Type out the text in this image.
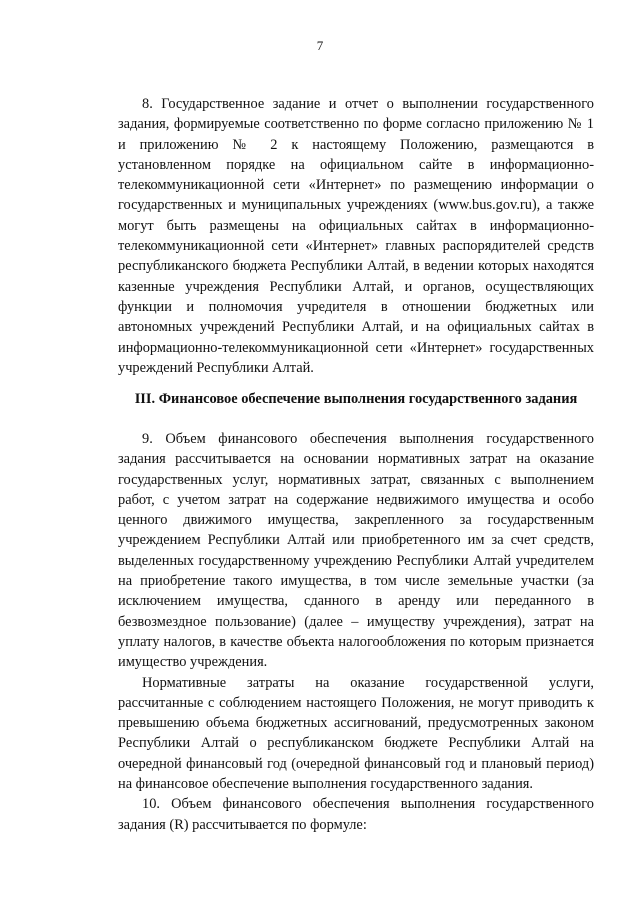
7

8. Государственное задание и отчет о выполнении государственного задания, формируемые соответственно по форме согласно приложению № 1 и приложению № 2 к настоящему Положению, размещаются в установленном порядке на официальном сайте в информационно-телекоммуникационной сети «Интернет» по размещению информации о государственных и муниципальных учреждениях (www.bus.gov.ru), а также могут быть размещены на официальных сайтах в информационно-телекоммуникационной сети «Интернет» главных распорядителей средств республиканского бюджета Республики Алтай, в ведении которых находятся казенные учреждения Республики Алтай, и органов, осуществляющих функции и полномочия учредителя в отношении бюджетных или автономных учреждений Республики Алтай, и на официальных сайтах в информационно-телекоммуникационной сети «Интернет» государственных учреждений Республики Алтай.

III. Финансовое обеспечение выполнения государственного задания

9. Объем финансового обеспечения выполнения государственного задания рассчитывается на основании нормативных затрат на оказание государственных услуг, нормативных затрат, связанных с выполнением работ, с учетом затрат на содержание недвижимого имущества и особо ценного движимого имущества, закрепленного за государственным учреждением Республики Алтай или приобретенного им за счет средств, выделенных государственному учреждению Республики Алтай учредителем на приобретение такого имущества, в том числе земельные участки (за исключением имущества, сданного в аренду или переданного в безвозмездное пользование) (далее – имуществу учреждения), затрат на уплату налогов, в качестве объекта налогообложения по которым признается имущество учреждения.

Нормативные затраты на оказание государственной услуги, рассчитанные с соблюдением настоящего Положения, не могут приводить к превышению объема бюджетных ассигнований, предусмотренных законом Республики Алтай о республиканском бюджете Республики Алтай на очередной финансовый год (очередной финансовый год и плановый период) на финансовое обеспечение выполнения государственного задания.

10. Объем финансового обеспечения выполнения государственного задания (R) рассчитывается по формуле:
